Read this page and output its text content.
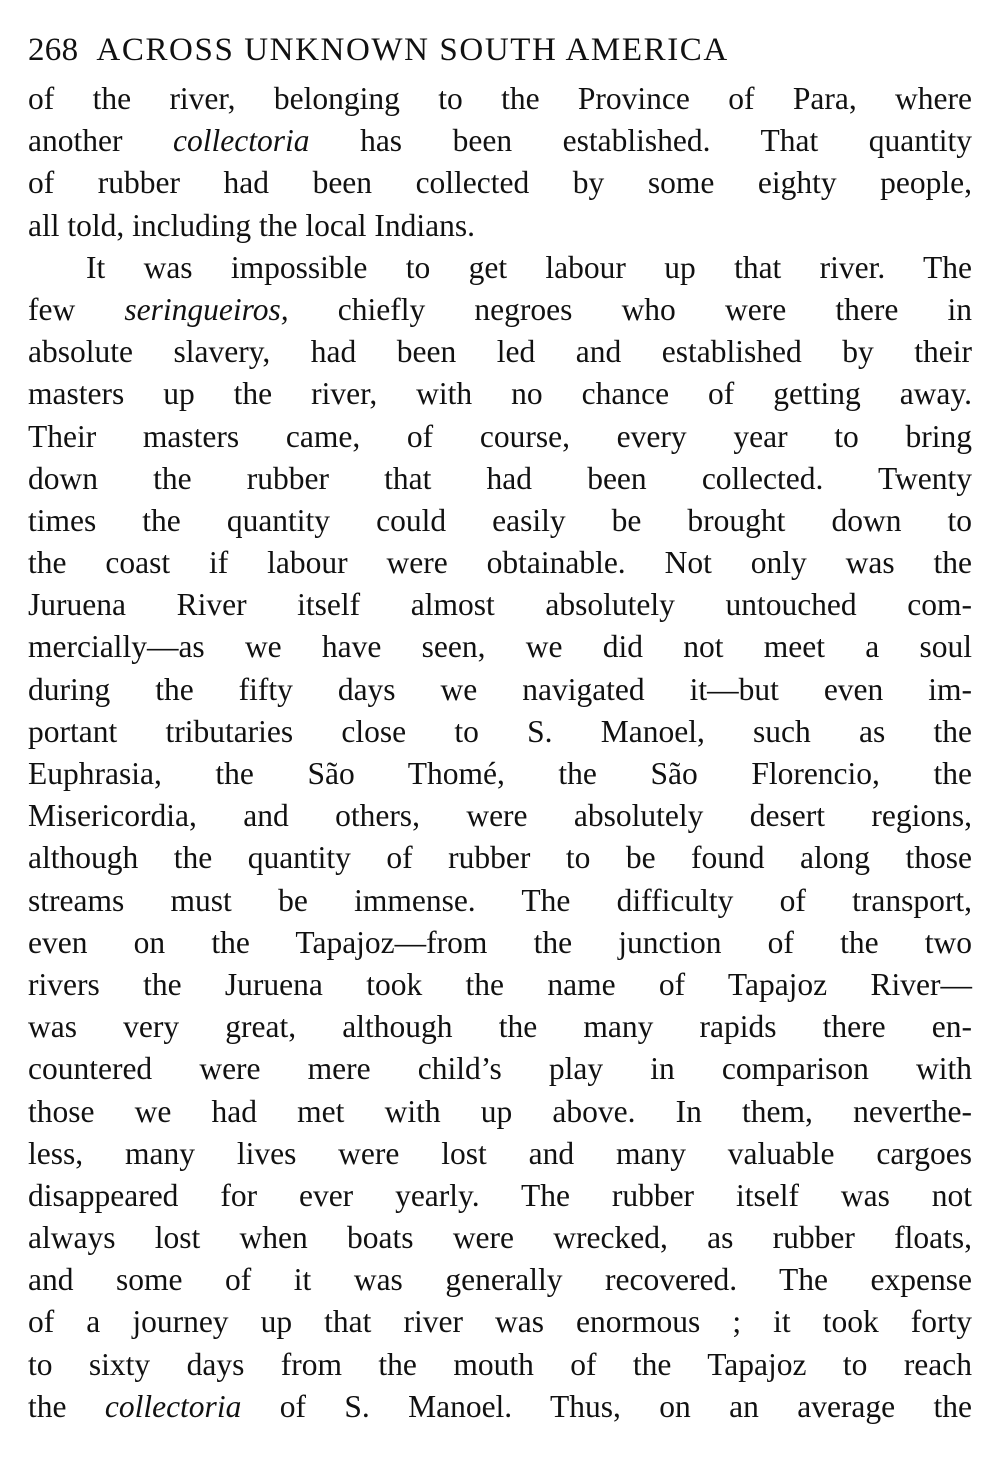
268 ACROSS UNKNOWN SOUTH AMERICA
of the river, belonging to the Province of Para, where
another collectoria has been established. That quantity
of rubber had been collected by some eighty people,
all told, including the local Indians.
It was impossible to get labour up that river. The
few seringueiros, chiefly negroes who were there in
absolute slavery, had been led and established by their
masters up the river, with no chance of getting away.
Their masters came, of course, every year to bring
down the rubber that had been collected. Twenty
times the quantity could easily be brought down to
the coast if labour were obtainable. Not only was the
Juruena River itself almost absolutely untouched com-
mercially—as we have seen, we did not meet a soul
during the fifty days we navigated it—but even im-
portant tributaries close to S. Manoel, such as the
Euphrasia, the São Thomé, the São Florencio, the
Misericordia, and others, were absolutely desert regions,
although the quantity of rubber to be found along those
streams must be immense. The difficulty of transport,
even on the Tapajoz—from the junction of the two
rivers the Juruena took the name of Tapajoz River—
was very great, although the many rapids there en-
countered were mere child’s play in comparison with
those we had met with up above. In them, neverthe-
less, many lives were lost and many valuable cargoes
disappeared for ever yearly. The rubber itself was not
always lost when boats were wrecked, as rubber floats,
and some of it was generally recovered. The expense
of a journey up that river was enormous ; it took forty
to sixty days from the mouth of the Tapajoz to reach
the collectoria of S. Manoel. Thus, on an average the
